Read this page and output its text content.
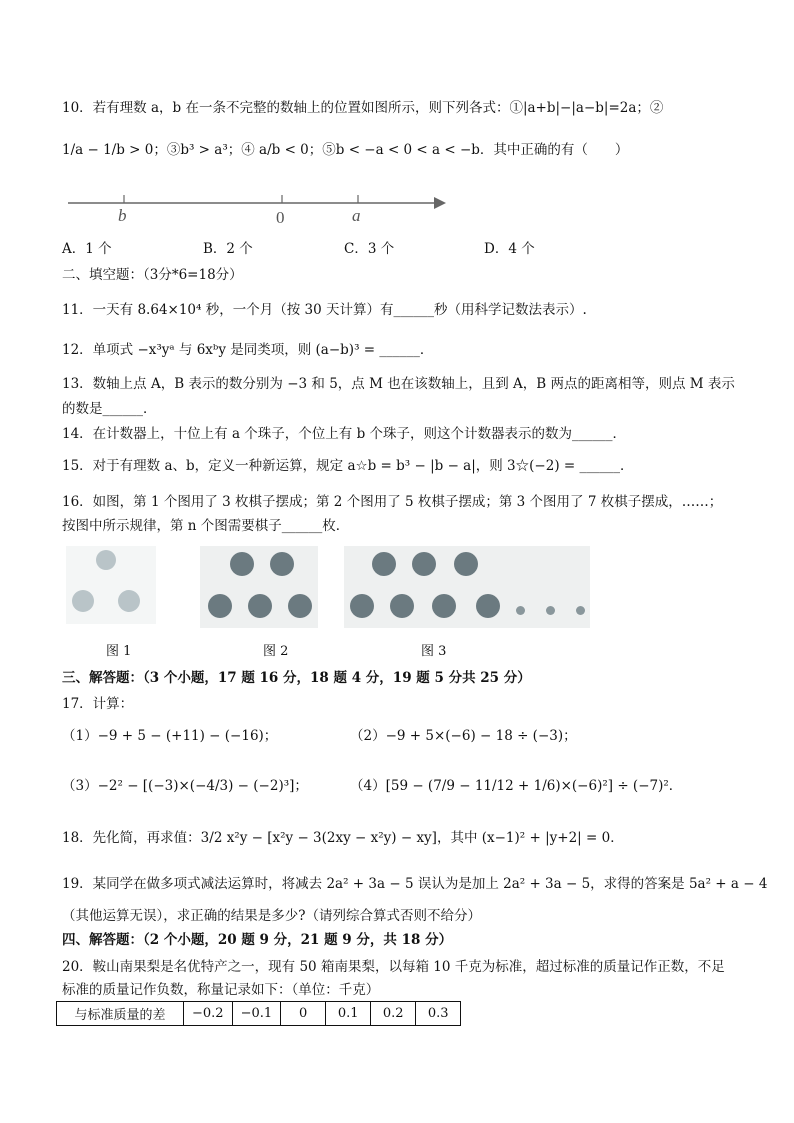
10．若有理数 a，b 在一条不完整的数轴上的位置如图所示，则下列各式：①|a+b|−|a−b|=2a；②
1/a − 1/b > 0；③b³ > a³；④ a/b < 0；⑤b < −a < 0 < a < −b．其中正确的有（　　）
b	0	a
A．1 个	B．2 个	C．3 个	D．4 个
二、填空题：（3分*6=18分）
11．一天有 8.64×10⁴ 秒，一个月（按 30 天计算）有______秒（用科学记数法表示）.
12．单项式 −x³yᵃ 与 6xᵇy 是同类项，则 (a−b)³ = ______．
13．数轴上点 A，B 表示的数分别为 −3 和 5，点 M 也在该数轴上，且到 A，B 两点的距离相等，则点 M 表示
的数是______．
14．在计数器上，十位上有 a 个珠子，个位上有 b 个珠子，则这个计数器表示的数为______．
15．对于有理数 a、b，定义一种新运算，规定 a☆b = b³ − |b − a|，则 3☆(−2) = ______．
16．如图，第 1 个图用了 3 枚棋子摆成；第 2 个图用了 5 枚棋子摆成；第 3 个图用了 7 枚棋子摆成，……；
按图中所示规律，第 n 个图需要棋子______枚．
图 1	图 2	图 3
三、解答题：（3 个小题，17 题 16 分，18 题 4 分，19 题 5 分共 25 分）
17．计算：
（1）−9 + 5 − (+11) − (−16)；	（2）−9 + 5×(−6) − 18 ÷ (−3)；
（3）−2² − [(−3)×(−4/3) − (−2)³]；	（4）[59 − (7/9 − 11/12 + 1/6)×(−6)²] ÷ (−7)²．
18．先化简，再求值：3/2 x²y − [x²y − 3(2xy − x²y) − xy]，其中 (x−1)² + |y+2| = 0．
19．某同学在做多项式减法运算时，将减去 2a² + 3a − 5 误认为是加上 2a² + 3a − 5，求得的答案是 5a² + a − 4
（其他运算无误），求正确的结果是多少?（请列综合算式否则不给分）
四、解答题：（2 个小题，20 题 9 分，21 题 9 分，共 18 分）
20．鞍山南果梨是名优特产之一，现有 50 箱南果梨，以每箱 10 千克为标准，超过标准的质量记作正数，不足
标准的质量记作负数，称量记录如下：（单位：千克）
与标准质量的差	−0.2	−0.1	0	0.1	0.2	0.3
